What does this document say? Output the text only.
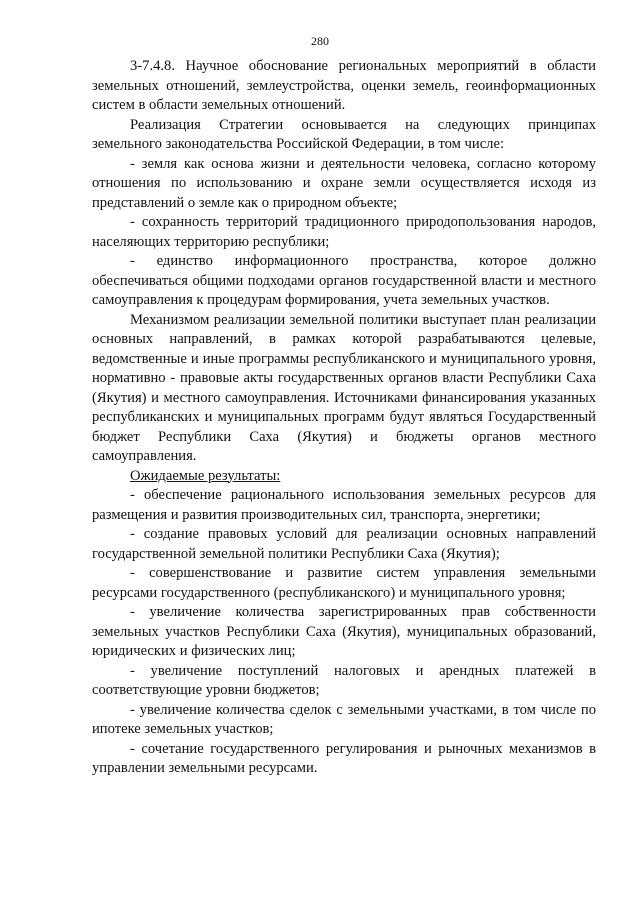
280

3-7.4.8. Научное обоснование региональных мероприятий в области земельных отношений, землеустройства, оценки земель, геоинформационных систем в области земельных отношений.

Реализация Стратегии основывается на следующих принципах земельного законодательства Российской Федерации, в том числе:

- земля как основа жизни и деятельности человека, согласно которому отношения по использованию и охране земли осуществляется исходя из представлений о земле как о природном объекте;

- сохранность территорий традиционного природопользования народов, населяющих территорию республики;

- единство информационного пространства, которое должно обеспечиваться общими подходами органов государственной власти и местного самоуправления к процедурам формирования, учета земельных участков.

Механизмом реализации земельной политики выступает план реализации основных направлений, в рамках которой разрабатываются целевые, ведомственные и иные программы республиканского и муниципального уровня, нормативно - правовые акты государственных органов власти Республики Саха (Якутия) и местного самоуправления. Источниками финансирования указанных республиканских и муниципальных программ будут являться Государственный бюджет Республики Саха (Якутия) и бюджеты органов местного самоуправления.

Ожидаемые результаты:

- обеспечение рационального использования земельных ресурсов для размещения и развития производительных сил, транспорта, энергетики;

- создание правовых условий для реализации основных направлений государственной земельной политики Республики Саха (Якутия);

- совершенствование и развитие систем управления земельными ресурсами государственного (республиканского) и муниципального уровня;

- увеличение количества зарегистрированных прав собственности земельных участков Республики Саха (Якутия), муниципальных образований, юридических и физических лиц;

- увеличение поступлений налоговых и арендных платежей в соответствующие уровни бюджетов;

- увеличение количества сделок с земельными участками, в том числе по ипотеке земельных участков;

- сочетание государственного регулирования и рыночных механизмов в управлении земельными ресурсами.
